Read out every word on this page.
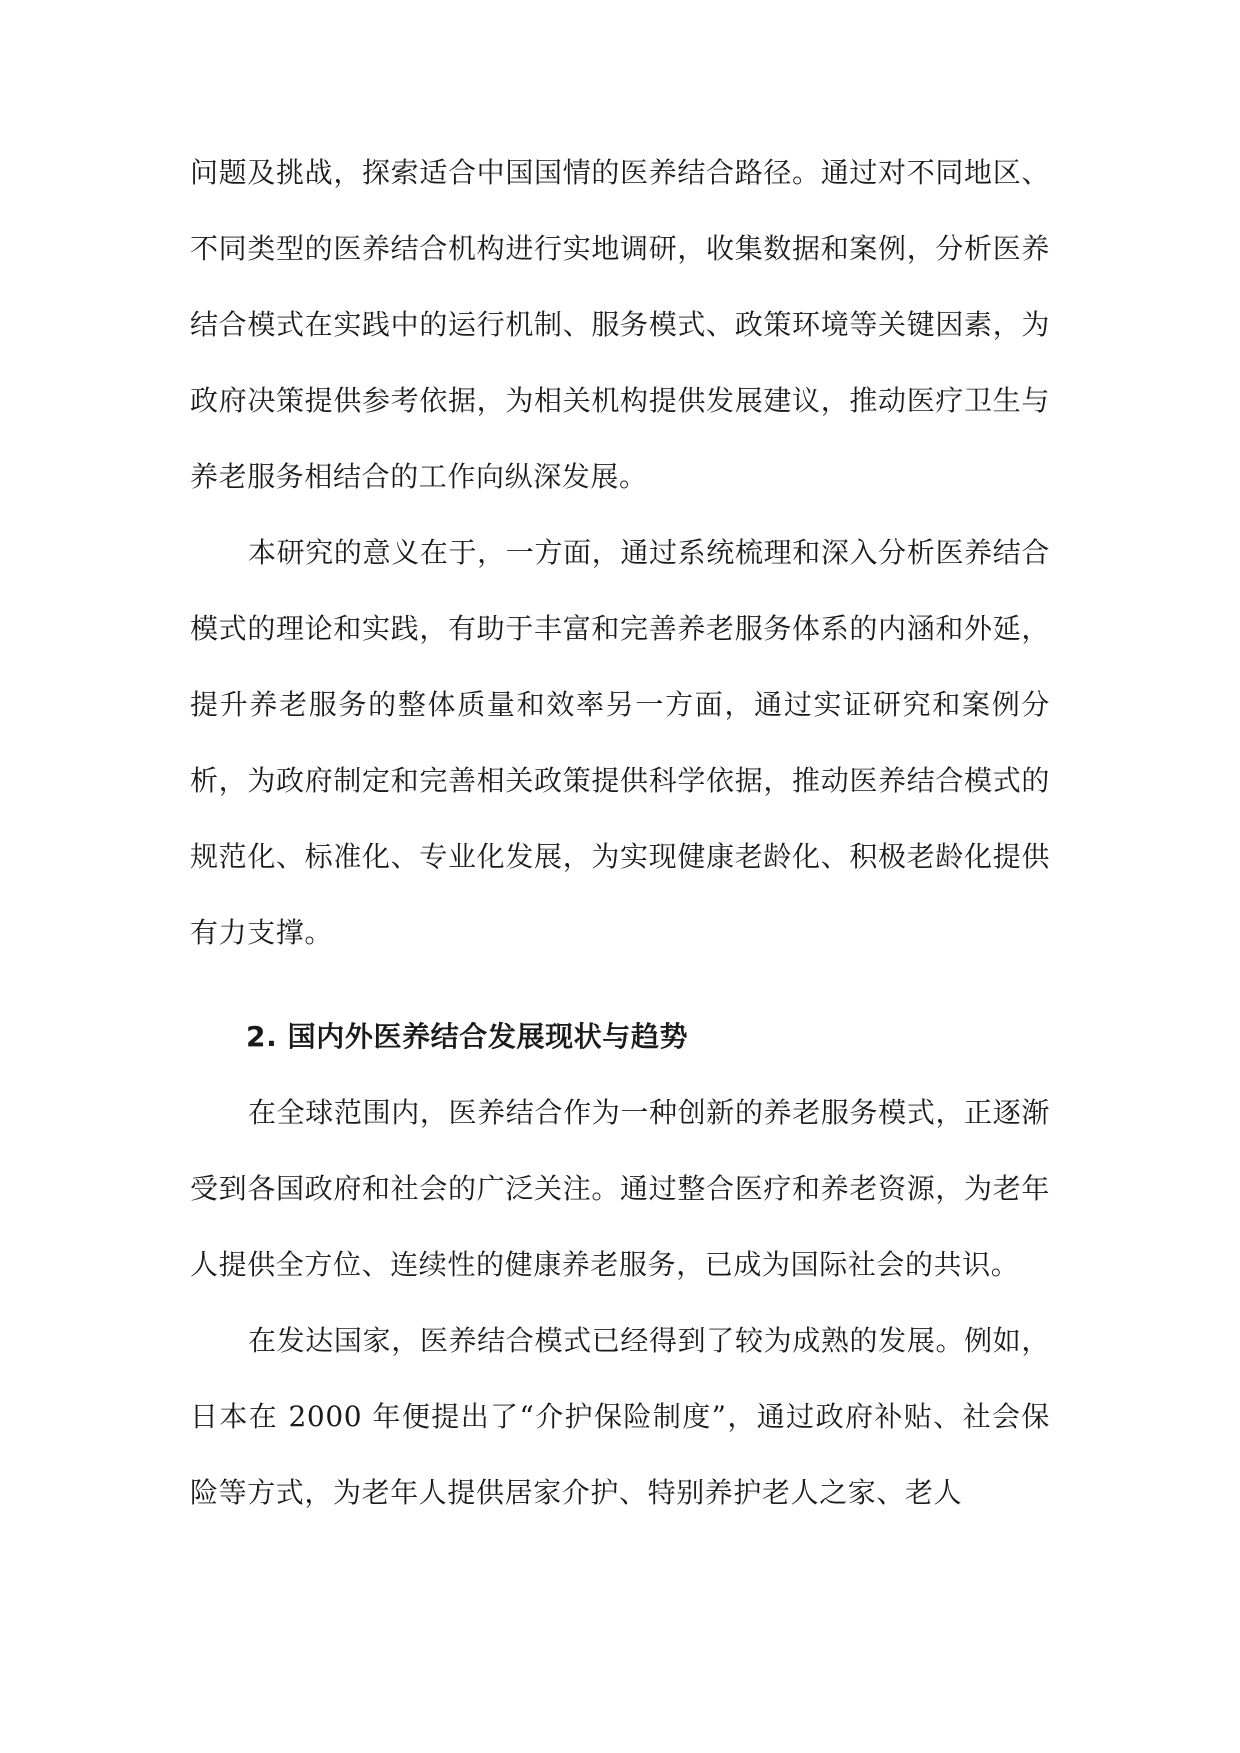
问题及挑战，探索适合中国国情的医养结合路径。通过对不同地区、不同类型的医养结合机构进行实地调研，收集数据和案例，分析医养结合模式在实践中的运行机制、服务模式、政策环境等关键因素，为政府决策提供参考依据，为相关机构提供发展建议，推动医疗卫生与养老服务相结合的工作向纵深发展。

本研究的意义在于，一方面，通过系统梳理和深入分析医养结合模式的理论和实践，有助于丰富和完善养老服务体系的内涵和外延，提升养老服务的整体质量和效率另一方面，通过实证研究和案例分析，为政府制定和完善相关政策提供科学依据，推动医养结合模式的规范化、标准化、专业化发展，为实现健康老龄化、积极老龄化提供有力支撑。

2. 国内外医养结合发展现状与趋势

在全球范围内，医养结合作为一种创新的养老服务模式，正逐渐受到各国政府和社会的广泛关注。通过整合医疗和养老资源，为老年人提供全方位、连续性的健康养老服务，已成为国际社会的共识。

在发达国家，医养结合模式已经得到了较为成熟的发展。例如，日本在 2000 年便提出了“介护保险制度”，通过政府补贴、社会保险等方式，为老年人提供居家介护、特别养护老人之家、老人
